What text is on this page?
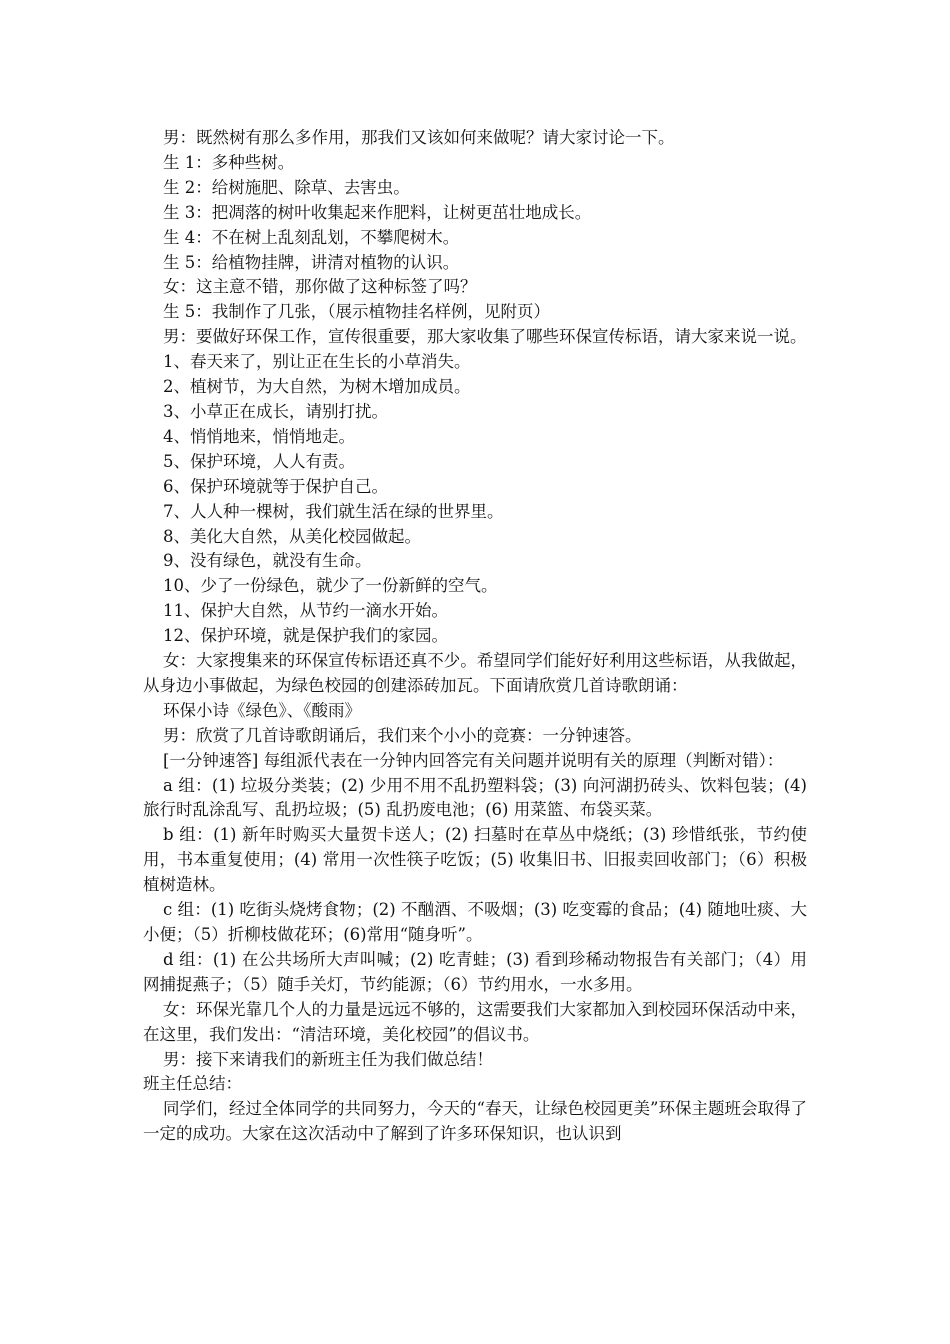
男：既然树有那么多作用，那我们又该如何来做呢？请大家讨论一下。

生 1：多种些树。

生 2：给树施肥、除草、去害虫。

生 3：把凋落的树叶收集起来作肥料，让树更茁壮地成长。

生 4：不在树上乱刻乱划，不攀爬树木。

生 5：给植物挂牌，讲清对植物的认识。

女：这主意不错，那你做了这种标签了吗？

生 5：我制作了几张，（展示植物挂名样例，见附页）

男：要做好环保工作，宣传很重要，那大家收集了哪些环保宣传标语，请大家来说一说。

1、春天来了，别让正在生长的小草消失。

2、植树节，为大自然，为树木增加成员。

3、小草正在成长，请别打扰。

4、悄悄地来，悄悄地走。

5、保护环境，人人有责。

6、保护环境就等于保护自己。

7、人人种一棵树，我们就生活在绿的世界里。

8、美化大自然，从美化校园做起。

9、没有绿色，就没有生命。

10、少了一份绿色，就少了一份新鲜的空气。

11、保护大自然，从节约一滴水开始。

12、保护环境，就是保护我们的家园。

女：大家搜集来的环保宣传标语还真不少。希望同学们能好好利用这些标语，从我做起，从身边小事做起，为绿色校园的创建添砖加瓦。下面请欣赏几首诗歌朗诵：

环保小诗《绿色》、《酸雨》

男：欣赏了几首诗歌朗诵后，我们来个小小的竞赛：一分钟速答。

[一分钟速答] 每组派代表在一分钟内回答完有关问题并说明有关的原理（判断对错）：

a 组：(1) 垃圾分类装；(2) 少用不用不乱扔塑料袋；(3) 向河湖扔砖头、饮料包装；(4) 旅行时乱涂乱写、乱扔垃圾；(5) 乱扔废电池；(6) 用菜篮、布袋买菜。

b 组：(1) 新年时购买大量贺卡送人；(2) 扫墓时在草丛中烧纸；(3) 珍惜纸张，节约使用，书本重复使用；(4) 常用一次性筷子吃饭；(5) 收集旧书、旧报卖回收部门；（6）积极植树造林。

c 组：(1) 吃街头烧烤食物；(2) 不酗酒、不吸烟；(3) 吃变霉的食品；(4) 随地吐痰、大小便；（5）折柳枝做花环；(6)常用“随身听”。

d 组：(1) 在公共场所大声叫喊；(2) 吃青蛙；(3) 看到珍稀动物报告有关部门；（4）用网捕捉燕子；（5）随手关灯，节约能源；（6）节约用水，一水多用。

女：环保光靠几个人的力量是远远不够的，这需要我们大家都加入到校园环保活动中来，在这里，我们发出：“清洁环境，美化校园”的倡议书。

男：接下来请我们的新班主任为我们做总结！

班主任总结：

同学们，经过全体同学的共同努力，今天的“春天，让绿色校园更美”环保主题班会取得了一定的成功。大家在这次活动中了解到了许多环保知识，也认识到
